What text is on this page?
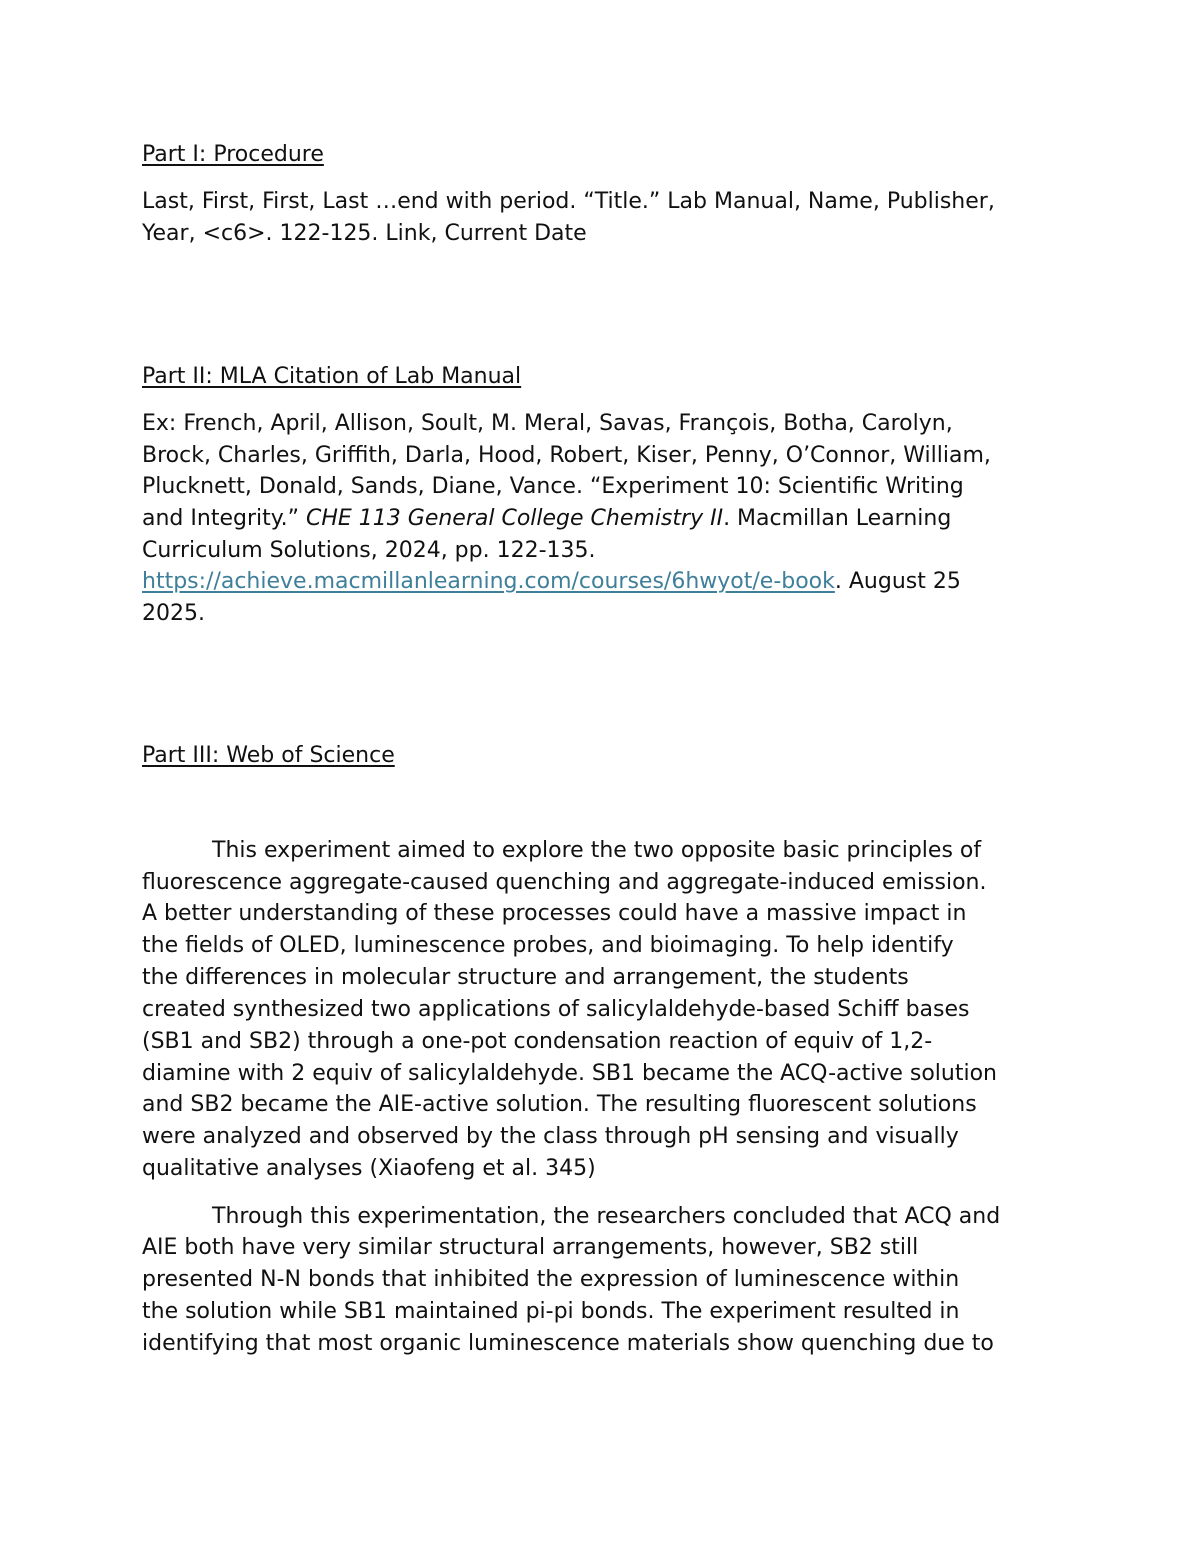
Part I: Procedure
Last, First, First, Last …end with period. “Title.” Lab Manual, Name, Publisher,
Year, <c6>. 122-125. Link, Current Date
Part II: MLA Citation of Lab Manual
Ex: French, April, Allison, Soult, M. Meral, Savas, François, Botha, Carolyn,
Brock, Charles, Griffith, Darla, Hood, Robert, Kiser, Penny, O’Connor, William,
Plucknett, Donald, Sands, Diane, Vance. “Experiment 10: Scientific Writing
and Integrity.” CHE 113 General College Chemistry II. Macmillan Learning
Curriculum Solutions, 2024, pp. 122-135.
https://achieve.macmillanlearning.com/courses/6hwyot/e-book. August 25
2025.
Part III: Web of Science
This experiment aimed to explore the two opposite basic principles of
fluorescence aggregate-caused quenching and aggregate-induced emission.
A better understanding of these processes could have a massive impact in
the fields of OLED, luminescence probes, and bioimaging. To help identify
the differences in molecular structure and arrangement, the students
created synthesized two applications of salicylaldehyde-based Schiff bases
(SB1 and SB2) through a one-pot condensation reaction of equiv of 1,2-
diamine with 2 equiv of salicylaldehyde. SB1 became the ACQ-active solution
and SB2 became the AIE-active solution. The resulting fluorescent solutions
were analyzed and observed by the class through pH sensing and visually
qualitative analyses (Xiaofeng et al. 345)
Through this experimentation, the researchers concluded that ACQ and
AIE both have very similar structural arrangements, however, SB2 still
presented N-N bonds that inhibited the expression of luminescence within
the solution while SB1 maintained pi-pi bonds. The experiment resulted in
identifying that most organic luminescence materials show quenching due to
